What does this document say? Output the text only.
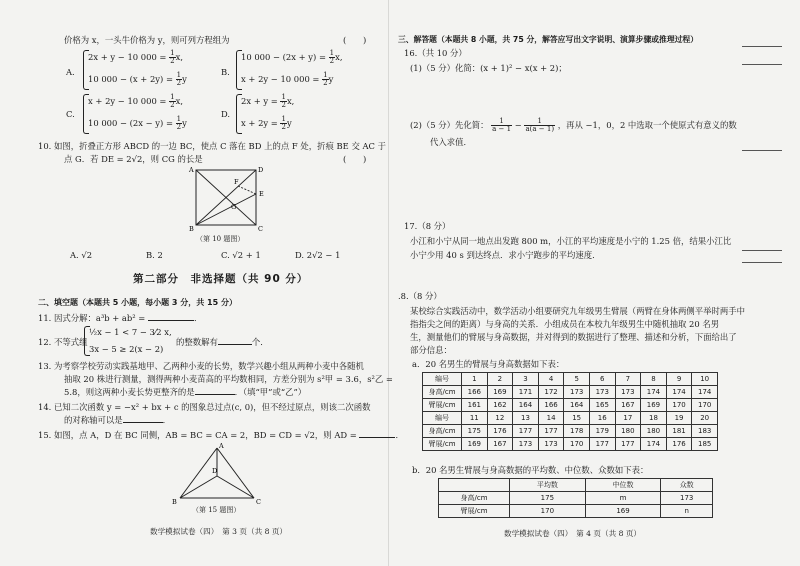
价格为 x，一头牛价格为 y，则可列方程组为	(　　)
A.
2x + y − 10 $000 = \frac{1}{2} x$,
10 $000 - (x + 2y) = \frac{1}{2}$ y
B.
10 $000 - (2x + y) = \frac{1}{2} x$,
x + 2y − 10 $000 = \frac{1}{2}$ y
C.
x + 2y − 10 $000 = \frac{1}{2} x$,
10 $000 - (2x - y) = \frac{1}{2}$ y
D.
$2x + y = \frac{1}{2} x$,
$x + 2y = \frac{1}{2}$ y
10. 如图，折叠正方形 ABCD 的一边 BC，使点 C 落在 BD 上的点 F 处，折痕 BE 交 AC 于
点 G．若 DE = 2√2，则 CG 的长是	(　　)
A
B	C
D
E
F
G
（第 10 题图）
A. √2	B. 2	C. √2 + 1	D. 2√2 − 1
第二部分　非选择题（共 90 分）
二、填空题（本题共 5 小题，每小题 3 分，共 15 分）
11. 因式分解：a³b + ab² =	．
12. 不等式组
½x − 1 < 7 − 3⁄2 x,
3x − 5 ≥ 2(x − 2)
的整数解有	个．
13. 为考察学校劳动实践基地甲、乙两种小麦的长势，数学兴趣小组从两种小麦中各随机
抽取 20 株进行测量，测得两种小麦苗高的平均数相同，方差分别为 s²甲 = 3.6，s²乙 =
5.8，则这两种小麦长势更整齐的是	．（填“甲”或“乙”）
14. 已知二次函数 y = −x² + bx + c 的图象总过点(c, 0)，但不经过原点，则该二次函数
的对称轴可以是	．
15. 如图，点 A，D 在 BC 同侧，AB = BC = CA = 2，BD = CD = √2，则 AD =	．
A
B	C
D
（第 15 题图）
数学模拟试卷（四）　第 3 页（共 8 页）
三、解答题（本题共 8 小题，共 75 分，解答应写出文字说明、演算步骤或推理过程）
16.（共 10 分）
(1)（5 分）化简：(x + 1)² − x(x + 2)；
(2)（5 分）先化简： $\frac{1}{a - 1} - \frac{1}{a(a - 1)}$ ，再从 −1，0，2 中选取一个使原式有意义的数
代入求值．
17.（8 分）
小江和小宁从同一地点出发跑 800 m，小江的平均速度是小宁的 1.25 倍，结果小江比
小宁少用 40 s 到达终点．求小宁跑步的平均速度．
.8.（8 分）
某校综合实践活动中，数学活动小组要研究九年级男生臂展（两臂在身体两侧平举时两手中
指指尖之间的距离）与身高的关系．小组成员在本校九年级男生中随机抽取 20 名男
生，测量他们的臂展与身高数据，并对得到的数据进行了整理、描述和分析，下面给出了
部分信息：
a．20 名男生的臂展与身高数据如下表：
编号	1	2	3	4	5	6	7	8	9	10
身高/cm	166	169	171	172	173	173	173	174	174	174
臂展/cm	161	162	164	166	164	165	167	169	170	170
编号	11	12	13	14	15	16	17	18	19	20
身高/cm	175	176	177	177	178	179	180	180	181	183
臂展/cm	169	167	173	173	170	177	177	174	176	185
b．20 名男生臂展与身高数据的平均数、中位数、众数如下表：
	平均数	中位数	众数
身高/cm	175	m	173
臂展/cm	170	169	n
数学模拟试卷（四）　第 4 页（共 8 页）
